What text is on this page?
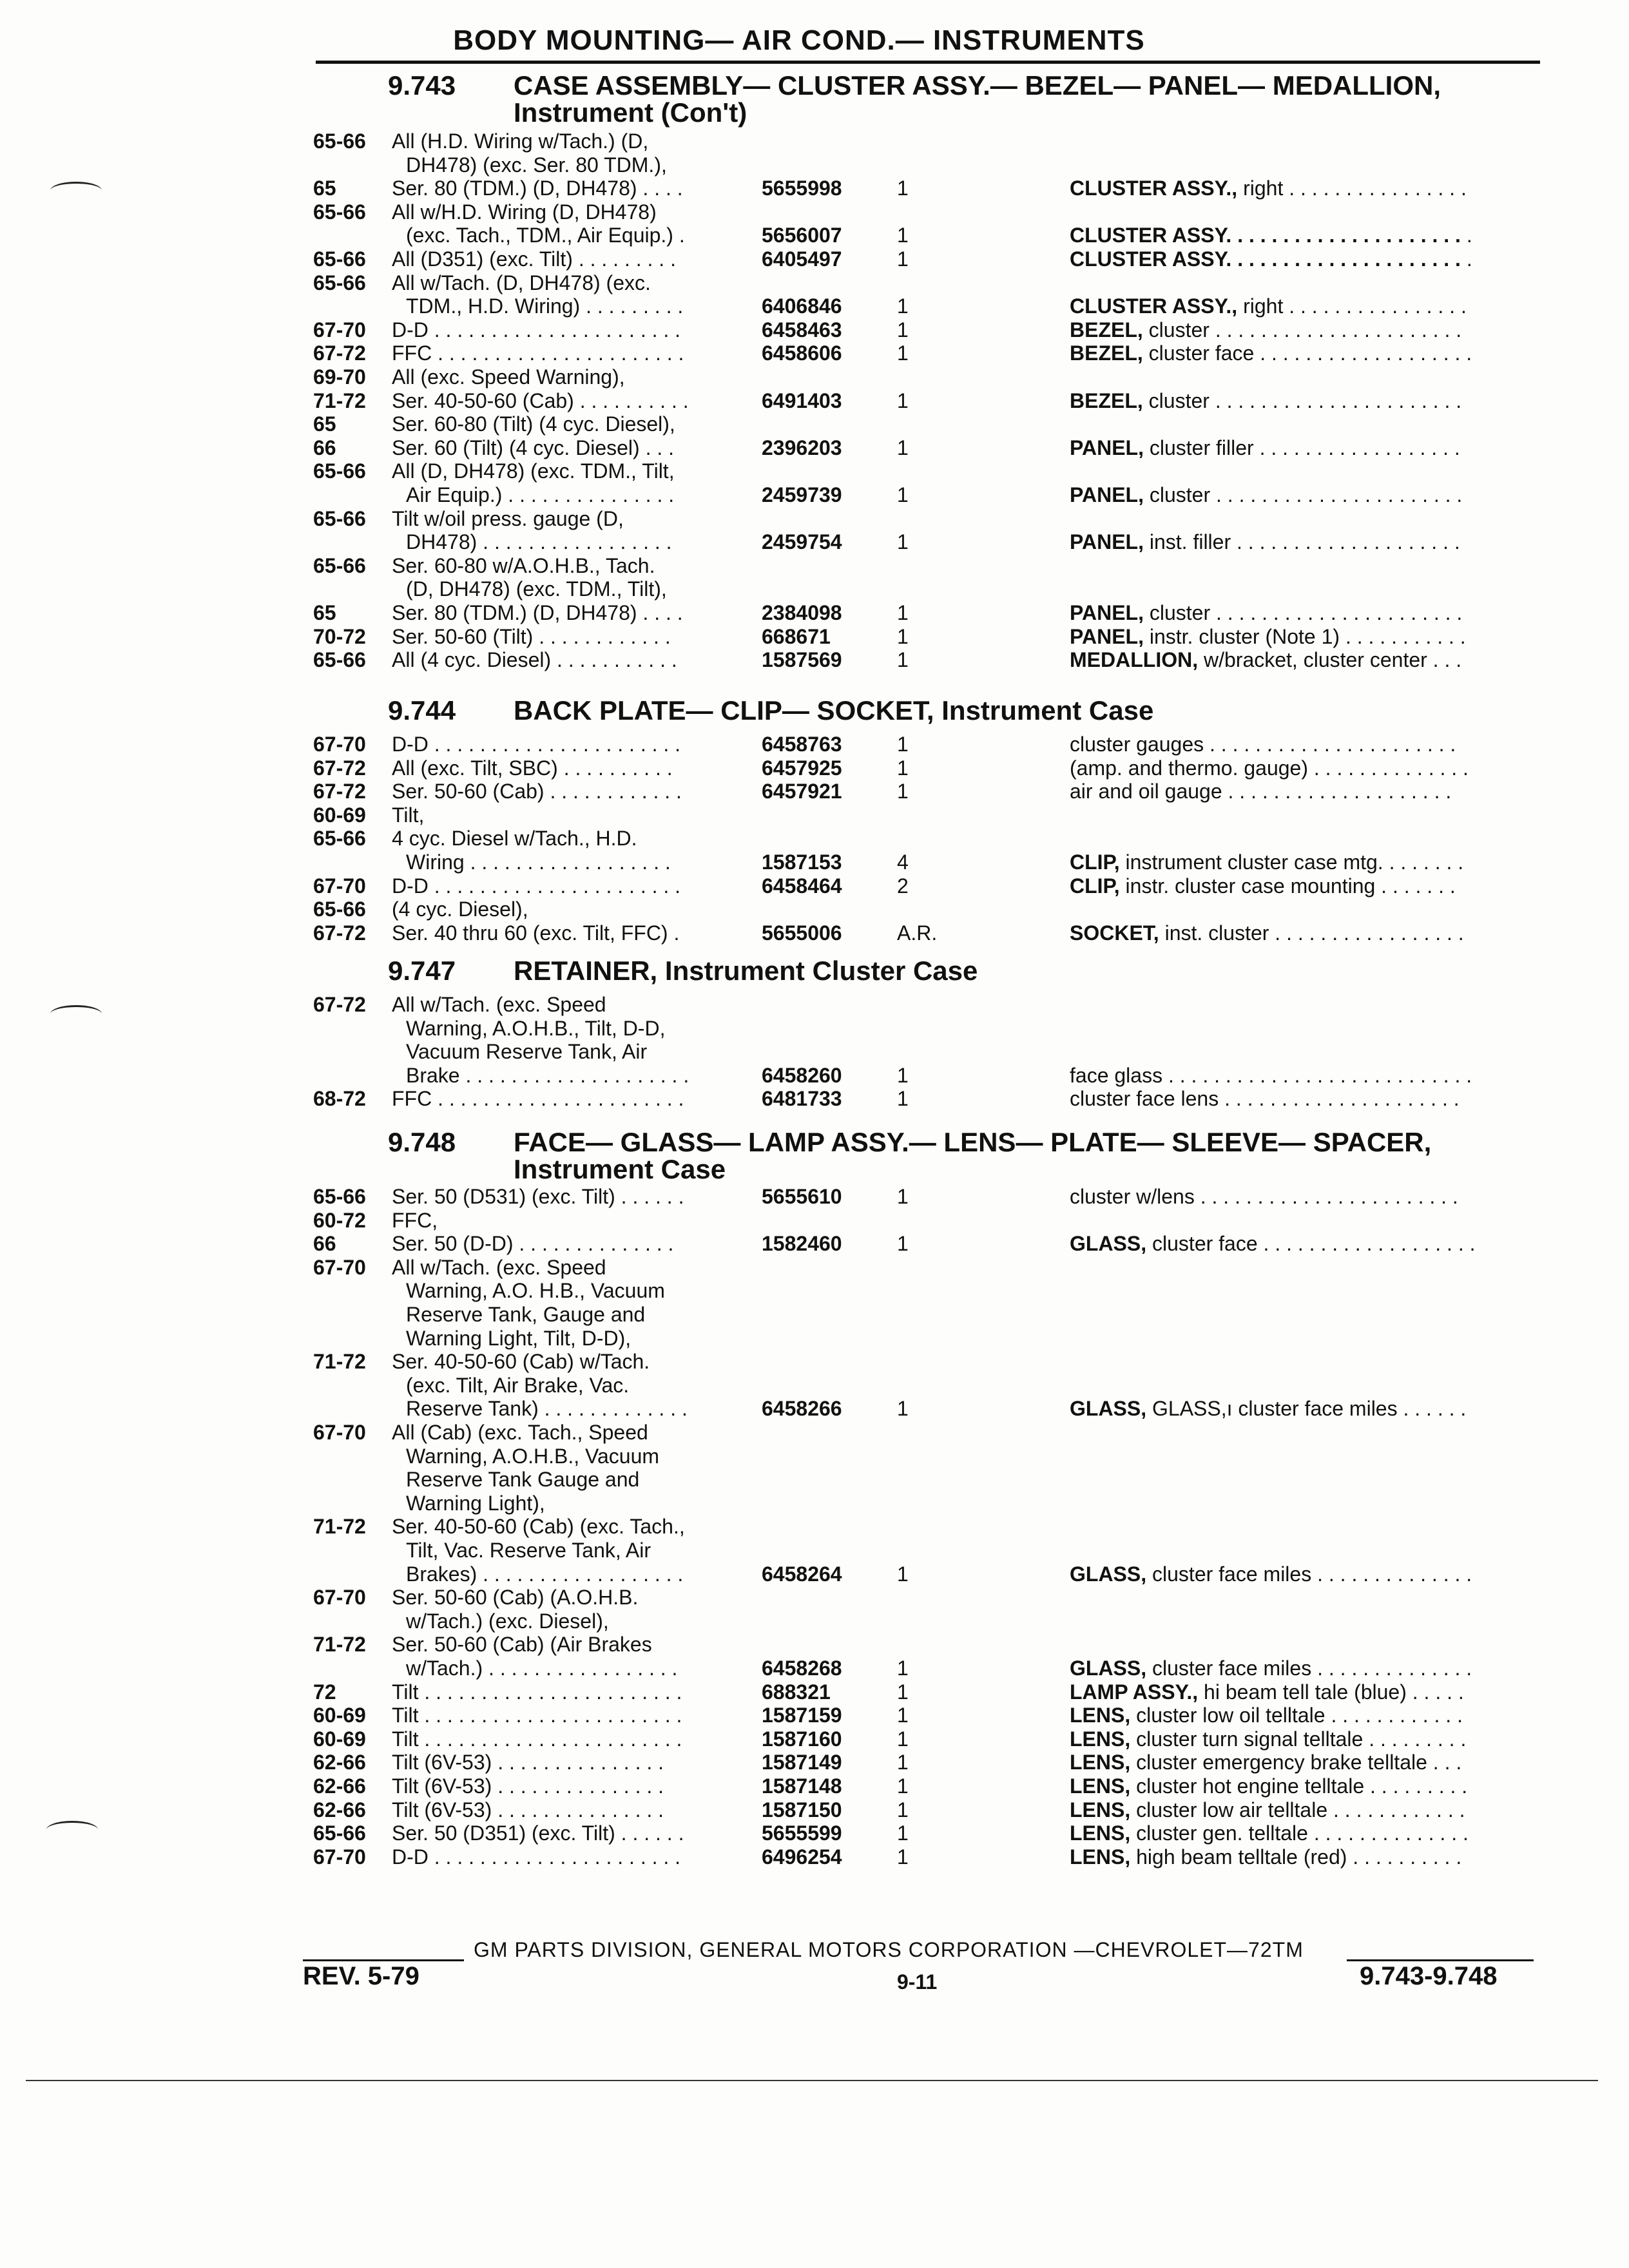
BODY MOUNTING— AIR COND.— INSTRUMENTS
9.743 CASE ASSEMBLY— CLUSTER ASSY.— BEZEL— PANEL— MEDALLION,
Instrument (Con't)
65-66 All (H.D. Wiring w/Tach.) (D,
DH478) (exc. Ser. 80 TDM.),
65	Ser. 80 (TDM.) (D, DH478) . . . .	5655998	1	CLUSTER ASSY., right . . . . . . . . . . . . . . . .
65-66 All w/H.D. Wiring (D, DH478)
(exc. Tach., TDM., Air Equip.) .	5656007	1	CLUSTER ASSY. . . . . . . . . . . . . . . . . . . . . .
65-66 All (D351) (exc. Tilt) . . . . . . . . .	6405497	1	CLUSTER ASSY. . . . . . . . . . . . . . . . . . . . . .
65-66 All w/Tach. (D, DH478) (exc.
TDM., H.D. Wiring) . . . . . . . . .	6406846	1	CLUSTER ASSY., right . . . . . . . . . . . . . . . .
67-70 D-D . . . . . . . . . . . . . . . . . . . . . .	6458463	1	BEZEL, cluster . . . . . . . . . . . . . . . . . . . . . .
67-72 FFC . . . . . . . . . . . . . . . . . . . . . .	6458606	1	BEZEL, cluster face . . . . . . . . . . . . . . . . . . .
69-70 All (exc. Speed Warning),
71-72 Ser. 40-50-60 (Cab) . . . . . . . . . .	6491403	1	BEZEL, cluster . . . . . . . . . . . . . . . . . . . . . .
65	Ser. 60-80 (Tilt) (4 cyc. Diesel),
66	Ser. 60 (Tilt) (4 cyc. Diesel) . . .	2396203	1	PANEL, cluster filler . . . . . . . . . . . . . . . . . .
65-66 All (D, DH478) (exc. TDM., Tilt,
Air Equip.) . . . . . . . . . . . . . . .	2459739	1	PANEL, cluster . . . . . . . . . . . . . . . . . . . . . .
65-66 Tilt w/oil press. gauge (D,
DH478) . . . . . . . . . . . . . . . . .	2459754	1	PANEL, inst. filler . . . . . . . . . . . . . . . . . . . .
65-66 Ser. 60-80 w/A.O.H.B., Tach.
(D, DH478) (exc. TDM., Tilt),
65	Ser. 80 (TDM.) (D, DH478) . . . .	2384098	1	PANEL, cluster . . . . . . . . . . . . . . . . . . . . . .
70-72 Ser. 50-60 (Tilt) . . . . . . . . . . . .	668671	1	PANEL, instr. cluster (Note 1) . . . . . . . . . . .
65-66 All (4 cyc. Diesel) . . . . . . . . . . .	1587569	1	MEDALLION, w/bracket, cluster center . . .
9.744 BACK PLATE— CLIP— SOCKET, Instrument Case
67-70 D-D . . . . . . . . . . . . . . . . . . . . . .	6458763	1	cluster gauges . . . . . . . . . . . . . . . . . . . . . .
67-72 All (exc. Tilt, SBC) . . . . . . . . . .	6457925	1	(amp. and thermo. gauge) . . . . . . . . . . . . . .
67-72 Ser. 50-60 (Cab) . . . . . . . . . . . .	6457921	1	air and oil gauge . . . . . . . . . . . . . . . . . . . .
60-69 Tilt,
65-66 4 cyc. Diesel w/Tach., H.D.
Wiring . . . . . . . . . . . . . . . . . .	1587153	4	CLIP, instrument cluster case mtg. . . . . . . .
67-70 D-D . . . . . . . . . . . . . . . . . . . . . .	6458464	2	CLIP, instr. cluster case mounting . . . . . . .
65-66 (4 cyc. Diesel),
67-72 Ser. 40 thru 60 (exc. Tilt, FFC) .	5655006	A.R.	SOCKET, inst. cluster . . . . . . . . . . . . . . . . .
9.747 RETAINER, Instrument Cluster Case
67-72 All w/Tach. (exc. Speed
Warning, A.O.H.B., Tilt, D-D,
Vacuum Reserve Tank, Air
Brake . . . . . . . . . . . . . . . . . . . .	6458260	1	face glass . . . . . . . . . . . . . . . . . . . . . . . . . . .
68-72 FFC . . . . . . . . . . . . . . . . . . . . . .	6481733	1	cluster face lens . . . . . . . . . . . . . . . . . . . . .
9.748 FACE— GLASS— LAMP ASSY.— LENS— PLATE— SLEEVE— SPACER,
Instrument Case
65-66 Ser. 50 (D531) (exc. Tilt) . . . . . .	5655610	1	cluster w/lens . . . . . . . . . . . . . . . . . . . . . . .
60-72 FFC,
66	Ser. 50 (D-D) . . . . . . . . . . . . . .	1582460	1	GLASS, cluster face . . . . . . . . . . . . . . . . . . .
67-70 All w/Tach. (exc. Speed
Warning, A.O. H.B., Vacuum
Reserve Tank, Gauge and
Warning Light, Tilt, D-D),
71-72 Ser. 40-50-60 (Cab) w/Tach.
(exc. Tilt, Air Brake, Vac.
Reserve Tank) . . . . . . . . . . . . .	6458266	1	GLASS, GLASS,ı cluster face miles . . . . . .
67-70 All (Cab) (exc. Tach., Speed
Warning, A.O.H.B., Vacuum
Reserve Tank Gauge and
Warning Light),
71-72 Ser. 40-50-60 (Cab) (exc. Tach.,
Tilt, Vac. Reserve Tank, Air
Brakes) . . . . . . . . . . . . . . . . . .	6458264	1	GLASS, cluster face miles . . . . . . . . . . . . . .
67-70 Ser. 50-60 (Cab) (A.O.H.B.
w/Tach.) (exc. Diesel),
71-72 Ser. 50-60 (Cab) (Air Brakes
w/Tach.) . . . . . . . . . . . . . . . . .	6458268	1	GLASS, cluster face miles . . . . . . . . . . . . . .
72	Tilt . . . . . . . . . . . . . . . . . . . . . . .	688321	1	LAMP ASSY., hi beam tell tale (blue) . . . . .
60-69 Tilt . . . . . . . . . . . . . . . . . . . . . . .	1587159	1	LENS, cluster low oil telltale . . . . . . . . . . . .
60-69 Tilt . . . . . . . . . . . . . . . . . . . . . . .	1587160	1	LENS, cluster turn signal telltale . . . . . . . . .
62-66 Tilt (6V-53) . . . . . . . . . . . . . . .	1587149	1	LENS, cluster emergency brake telltale . . .
62-66 Tilt (6V-53) . . . . . . . . . . . . . . .	1587148	1	LENS, cluster hot engine telltale . . . . . . . . .
62-66 Tilt (6V-53) . . . . . . . . . . . . . . .	1587150	1	LENS, cluster low air telltale . . . . . . . . . . . .
65-66 Ser. 50 (D351) (exc. Tilt) . . . . . .	5655599	1	LENS, cluster gen. telltale . . . . . . . . . . . . . .
67-70 D-D . . . . . . . . . . . . . . . . . . . . . .	6496254	1	LENS, high beam telltale (red) . . . . . . . . . .
GM PARTS DIVISION, GENERAL MOTORS CORPORATION —CHEVROLET—72TM
REV. 5-79	9-11	9.743-9.748
